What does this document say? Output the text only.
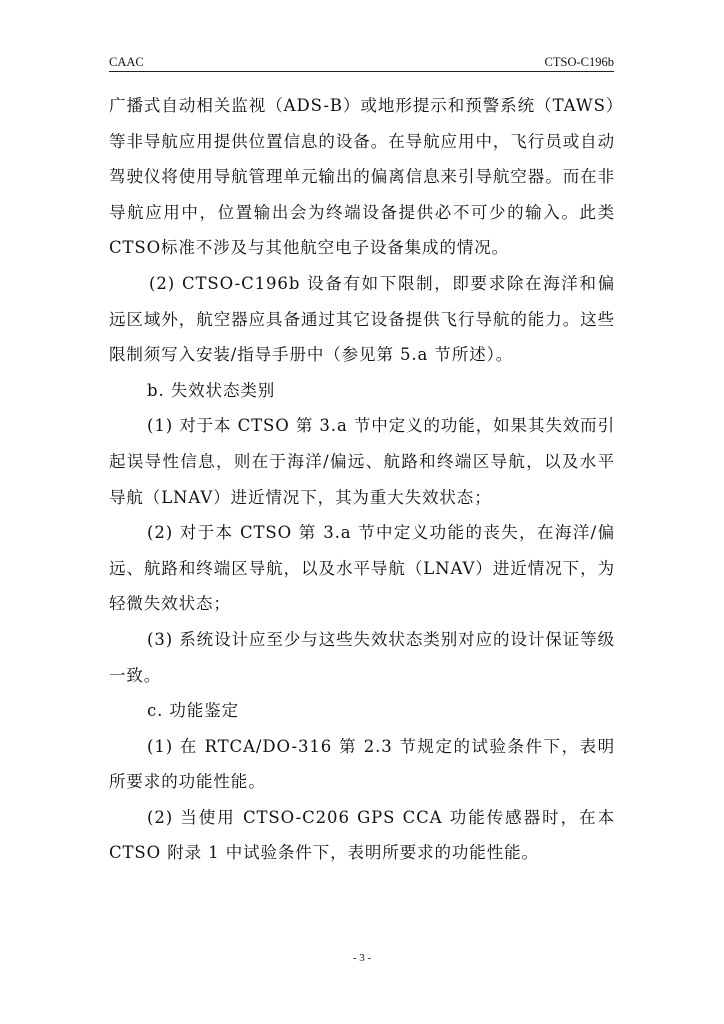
CAAC	CTSO-C196b

广播式自动相关监视（ADS-B）或地形提示和预警系统（TAWS）等非导航应用提供位置信息的设备。在导航应用中，飞行员或自动驾驶仪将使用导航管理单元输出的偏离信息来引导航空器。而在非导航应用中，位置输出会为终端设备提供必不可少的输入。此类CTSO标准不涉及与其他航空电子设备集成的情况。

(2) CTSO-C196b 设备有如下限制，即要求除在海洋和偏远区域外，航空器应具备通过其它设备提供飞行导航的能力。这些限制须写入安装/指导手册中（参见第 5.a 节所述）。

b. 失效状态类别

(1) 对于本 CTSO 第 3.a 节中定义的功能，如果其失效而引起误导性信息，则在于海洋/偏远、航路和终端区导航，以及水平导航（LNAV）进近情况下，其为重大失效状态；

(2) 对于本 CTSO 第 3.a 节中定义功能的丧失，在海洋/偏远、航路和终端区导航，以及水平导航（LNAV）进近情况下，为轻微失效状态；

(3) 系统设计应至少与这些失效状态类别对应的设计保证等级一致。

c. 功能鉴定

(1) 在 RTCA/DO-316 第 2.3 节规定的试验条件下，表明所要求的功能性能。

(2) 当使用 CTSO-C206 GPS CCA 功能传感器时，在本 CTSO 附录 1 中试验条件下，表明所要求的功能性能。

- 3 -
